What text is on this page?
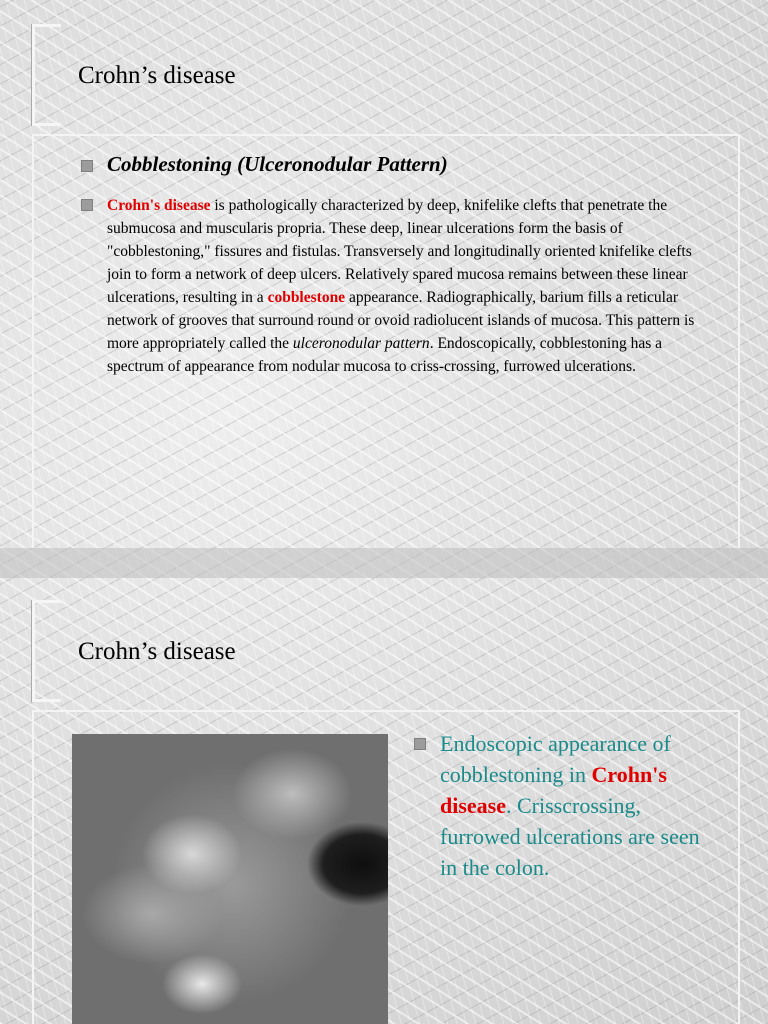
Crohn’s disease
Cobblestoning (Ulceronodular Pattern)

Crohn's disease is pathologically characterized by deep, knifelike clefts that penetrate the submucosa and muscularis propria. These deep, linear ulcerations form the basis of "cobblestoning," fissures and fistulas. Transversely and longitudinally oriented knifelike clefts join to form a network of deep ulcers. Relatively spared mucosa remains between these linear ulcerations, resulting in a cobblestone appearance. Radiographically, barium fills a reticular network of grooves that surround round or ovoid radiolucent islands of mucosa. This pattern is more appropriately called the ulceronodular pattern. Endoscopically, cobblestoning has a spectrum of appearance from nodular mucosa to criss-crossing, furrowed ulcerations.

Crohn’s disease

Endoscopic appearance of cobblestoning in Crohn's disease. Crisscrossing, furrowed ulcerations are seen in the colon.
